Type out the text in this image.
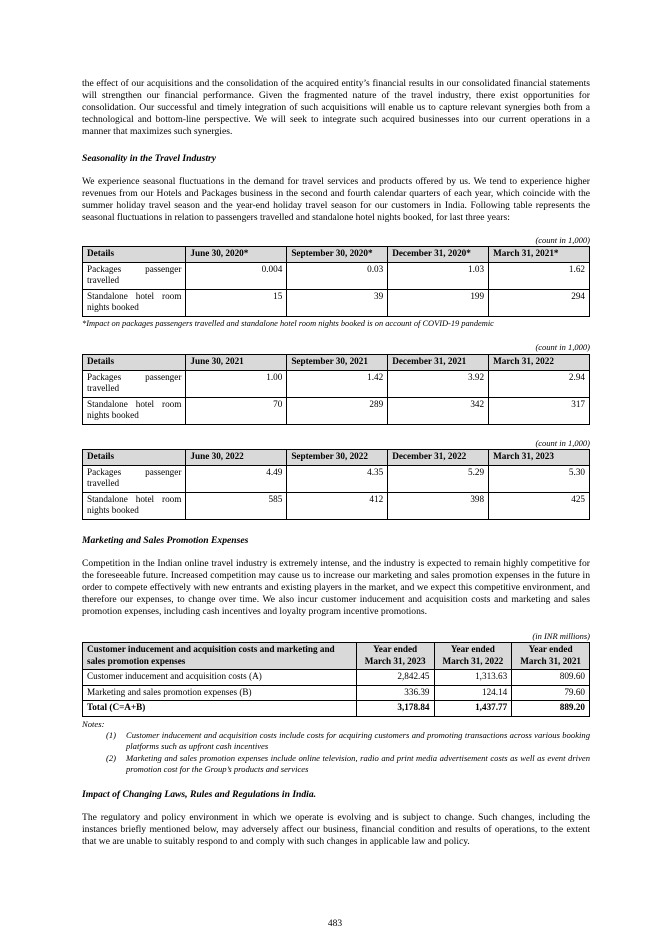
the effect of our acquisitions and the consolidation of the acquired entity’s financial results in our consolidated financial statements will strengthen our financial performance. Given the fragmented nature of the travel industry, there exist opportunities for consolidation. Our successful and timely integration of such acquisitions will enable us to capture relevant synergies both from a technological and bottom-line perspective. We will seek to integrate such acquired businesses into our current operations in a manner that maximizes such synergies.

Seasonality in the Travel Industry

We experience seasonal fluctuations in the demand for travel services and products offered by us. We tend to experience higher revenues from our Hotels and Packages business in the second and fourth calendar quarters of each year, which coincide with the summer holiday travel season and the year-end holiday travel season for our customers in India. Following table represents the seasonal fluctuations in relation to passengers travelled and standalone hotel nights booked, for last three years:

(count in 1,000)
Details	June 30, 2020*	September 30, 2020*	December 31, 2020*	March 31, 2021*
Packages passenger travelled	0.004	0.03	1.03	1.62
Standalone hotel room nights booked	15	39	199	294
*Impact on packages passengers travelled and standalone hotel room nights booked is on account of COVID-19 pandemic
(count in 1,000)
Details	June 30, 2021	September 30, 2021	December 31, 2021	March 31, 2022
Packages passenger travelled	1.00	1.42	3.92	2.94
Standalone hotel room nights booked	70	289	342	317
(count in 1,000)
Details	June 30, 2022	September 30, 2022	December 31, 2022	March 31, 2023
Packages passenger travelled	4.49	4.35	5.29	5.30
Standalone hotel room nights booked	585	412	398	425
Marketing and Sales Promotion Expenses

Competition in the Indian online travel industry is extremely intense, and the industry is expected to remain highly competitive for the foreseeable future. Increased competition may cause us to increase our marketing and sales promotion expenses in the future in order to compete effectively with new entrants and existing players in the market, and we expect this competitive environment, and therefore our expenses, to change over time. We also incur customer inducement and acquisition costs and marketing and sales promotion expenses, including cash incentives and loyalty program incentive promotions.

(in INR millions)
Customer inducement and acquisition costs and marketing and sales promotion expenses	Year ended March 31, 2023	Year ended March 31, 2022	Year ended March 31, 2021
Customer inducement and acquisition costs (A)	2,842.45	1,313.63	809.60
Marketing and sales promotion expenses (B)	336.39	124.14	79.60
Total (C=A+B)	3,178.84	1,437.77	889.20
Notes:
(1)	Customer inducement and acquisition costs include costs for acquiring customers and promoting transactions across various booking platforms such as upfront cash incentives
(2)	Marketing and sales promotion expenses include online television, radio and print media advertisement costs as well as event driven promotion cost for the Group’s products and services
Impact of Changing Laws, Rules and Regulations in India.

The regulatory and policy environment in which we operate is evolving and is subject to change. Such changes, including the instances briefly mentioned below, may adversely affect our business, financial condition and results of operations, to the extent that we are unable to suitably respond to and comply with such changes in applicable law and policy.

483
